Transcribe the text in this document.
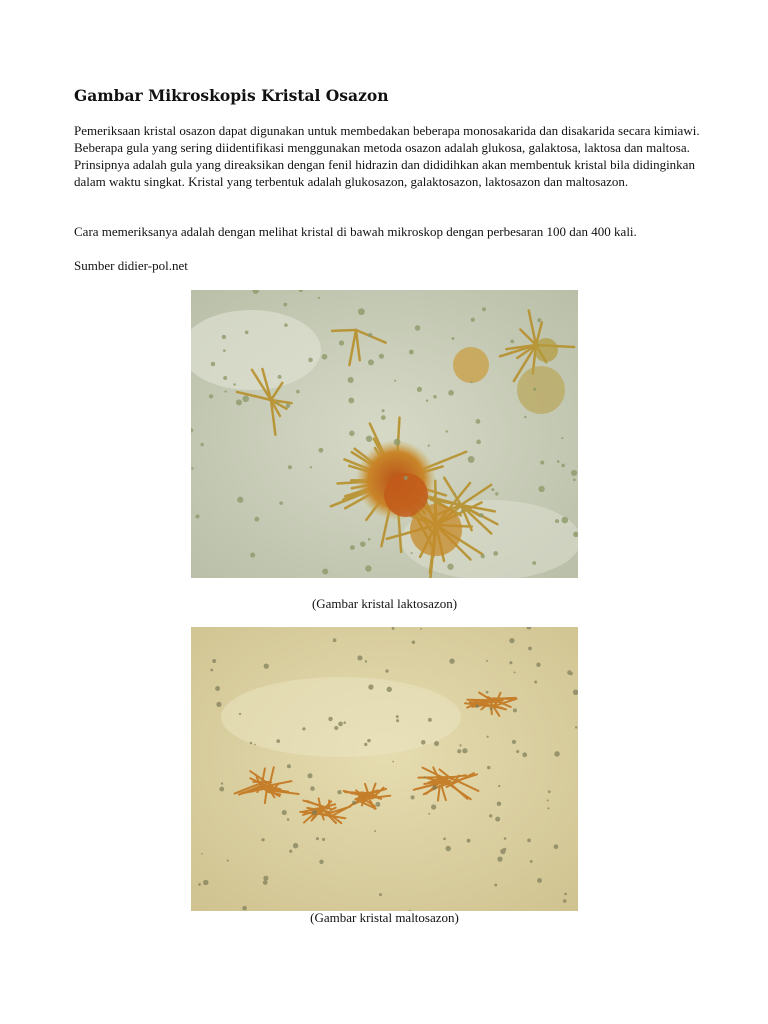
Gambar Mikroskopis Kristal Osazon

Pemeriksaan kristal osazon dapat digunakan untuk membedakan beberapa monosakarida dan disakarida secara kimiawi. Beberapa gula yang sering diidentifikasi menggunakan metoda osazon adalah glukosa, galaktosa, laktosa dan maltosa. Prinsipnya adalah gula yang direaksikan dengan fenil hidrazin dan dididihkan akan membentuk kristal bila didinginkan dalam waktu singkat. Kristal yang terbentuk adalah glukosazon, galaktosazon, laktosazon dan maltosazon.

Cara memeriksanya adalah dengan melihat kristal di bawah mikroskop dengan perbesaran 100 dan 400 kali.

Sumber didier-pol.net
(Gambar kristal laktosazon)
(Gambar kristal maltosazon)
